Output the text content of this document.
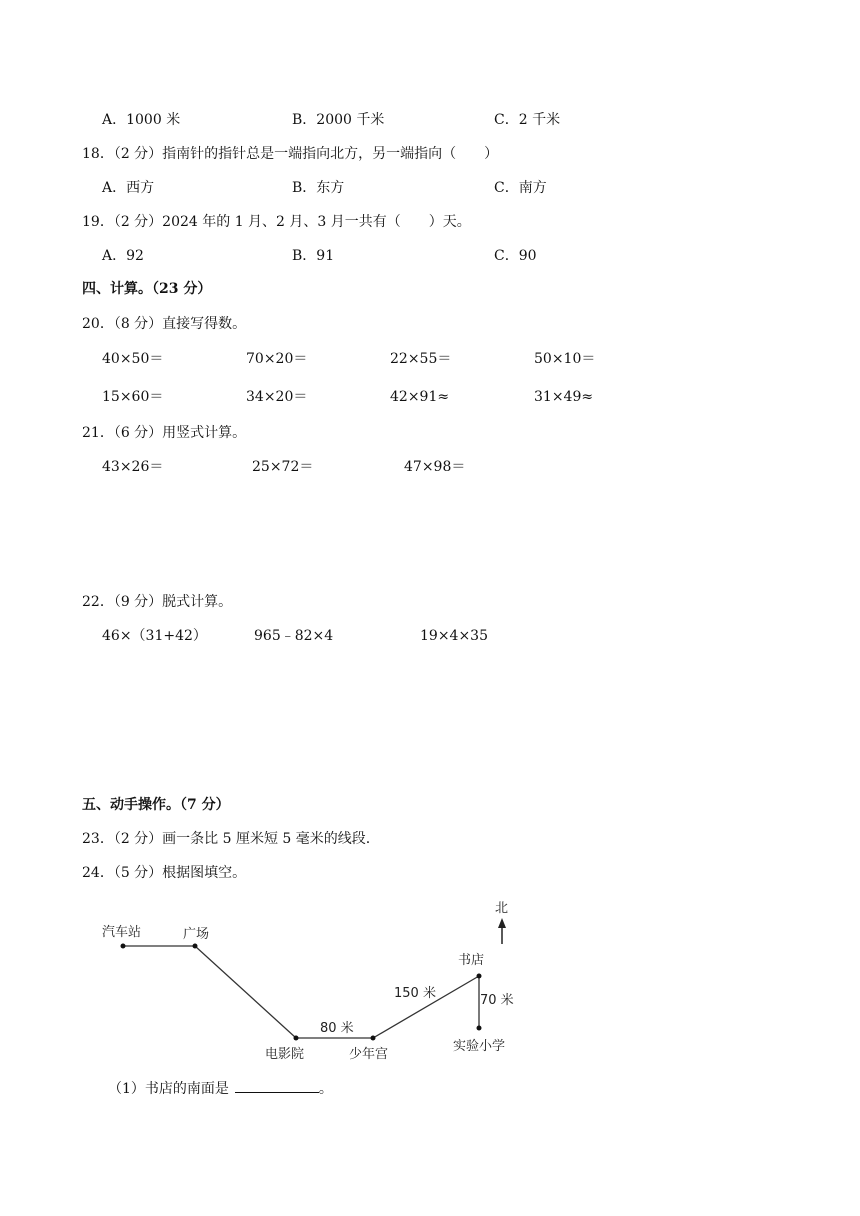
A．1000 米	B．2000 千米	C．2 千米
18．（2 分）指南针的指针总是一端指向北方，另一端指向（　　）
A．西方	B．东方	C．南方
19．（2 分）2024 年的 1 月、2 月、3 月一共有（　　）天。
A．92	B．91	C．90
四、计算。（23 分）
20．（8 分）直接写得数。
40×50＝	70×20＝	22×55＝	50×10＝
15×60＝	34×20＝	42×91≈	31×49≈
21．（6 分）用竖式计算。
43×26＝	25×72＝	47×98＝
22．（9 分）脱式计算。
46×（31+42）	965﹣82×4	19×4×35
五、动手操作。（7 分）
23．（2 分）画一条比 5 厘米短 5 毫米的线段.
24．（5 分）根据图填空。
北
汽车站	广场
电影院	少年宫
书店
实验小学
80 米
150 米	70 米
（1）书店的南面是	。
